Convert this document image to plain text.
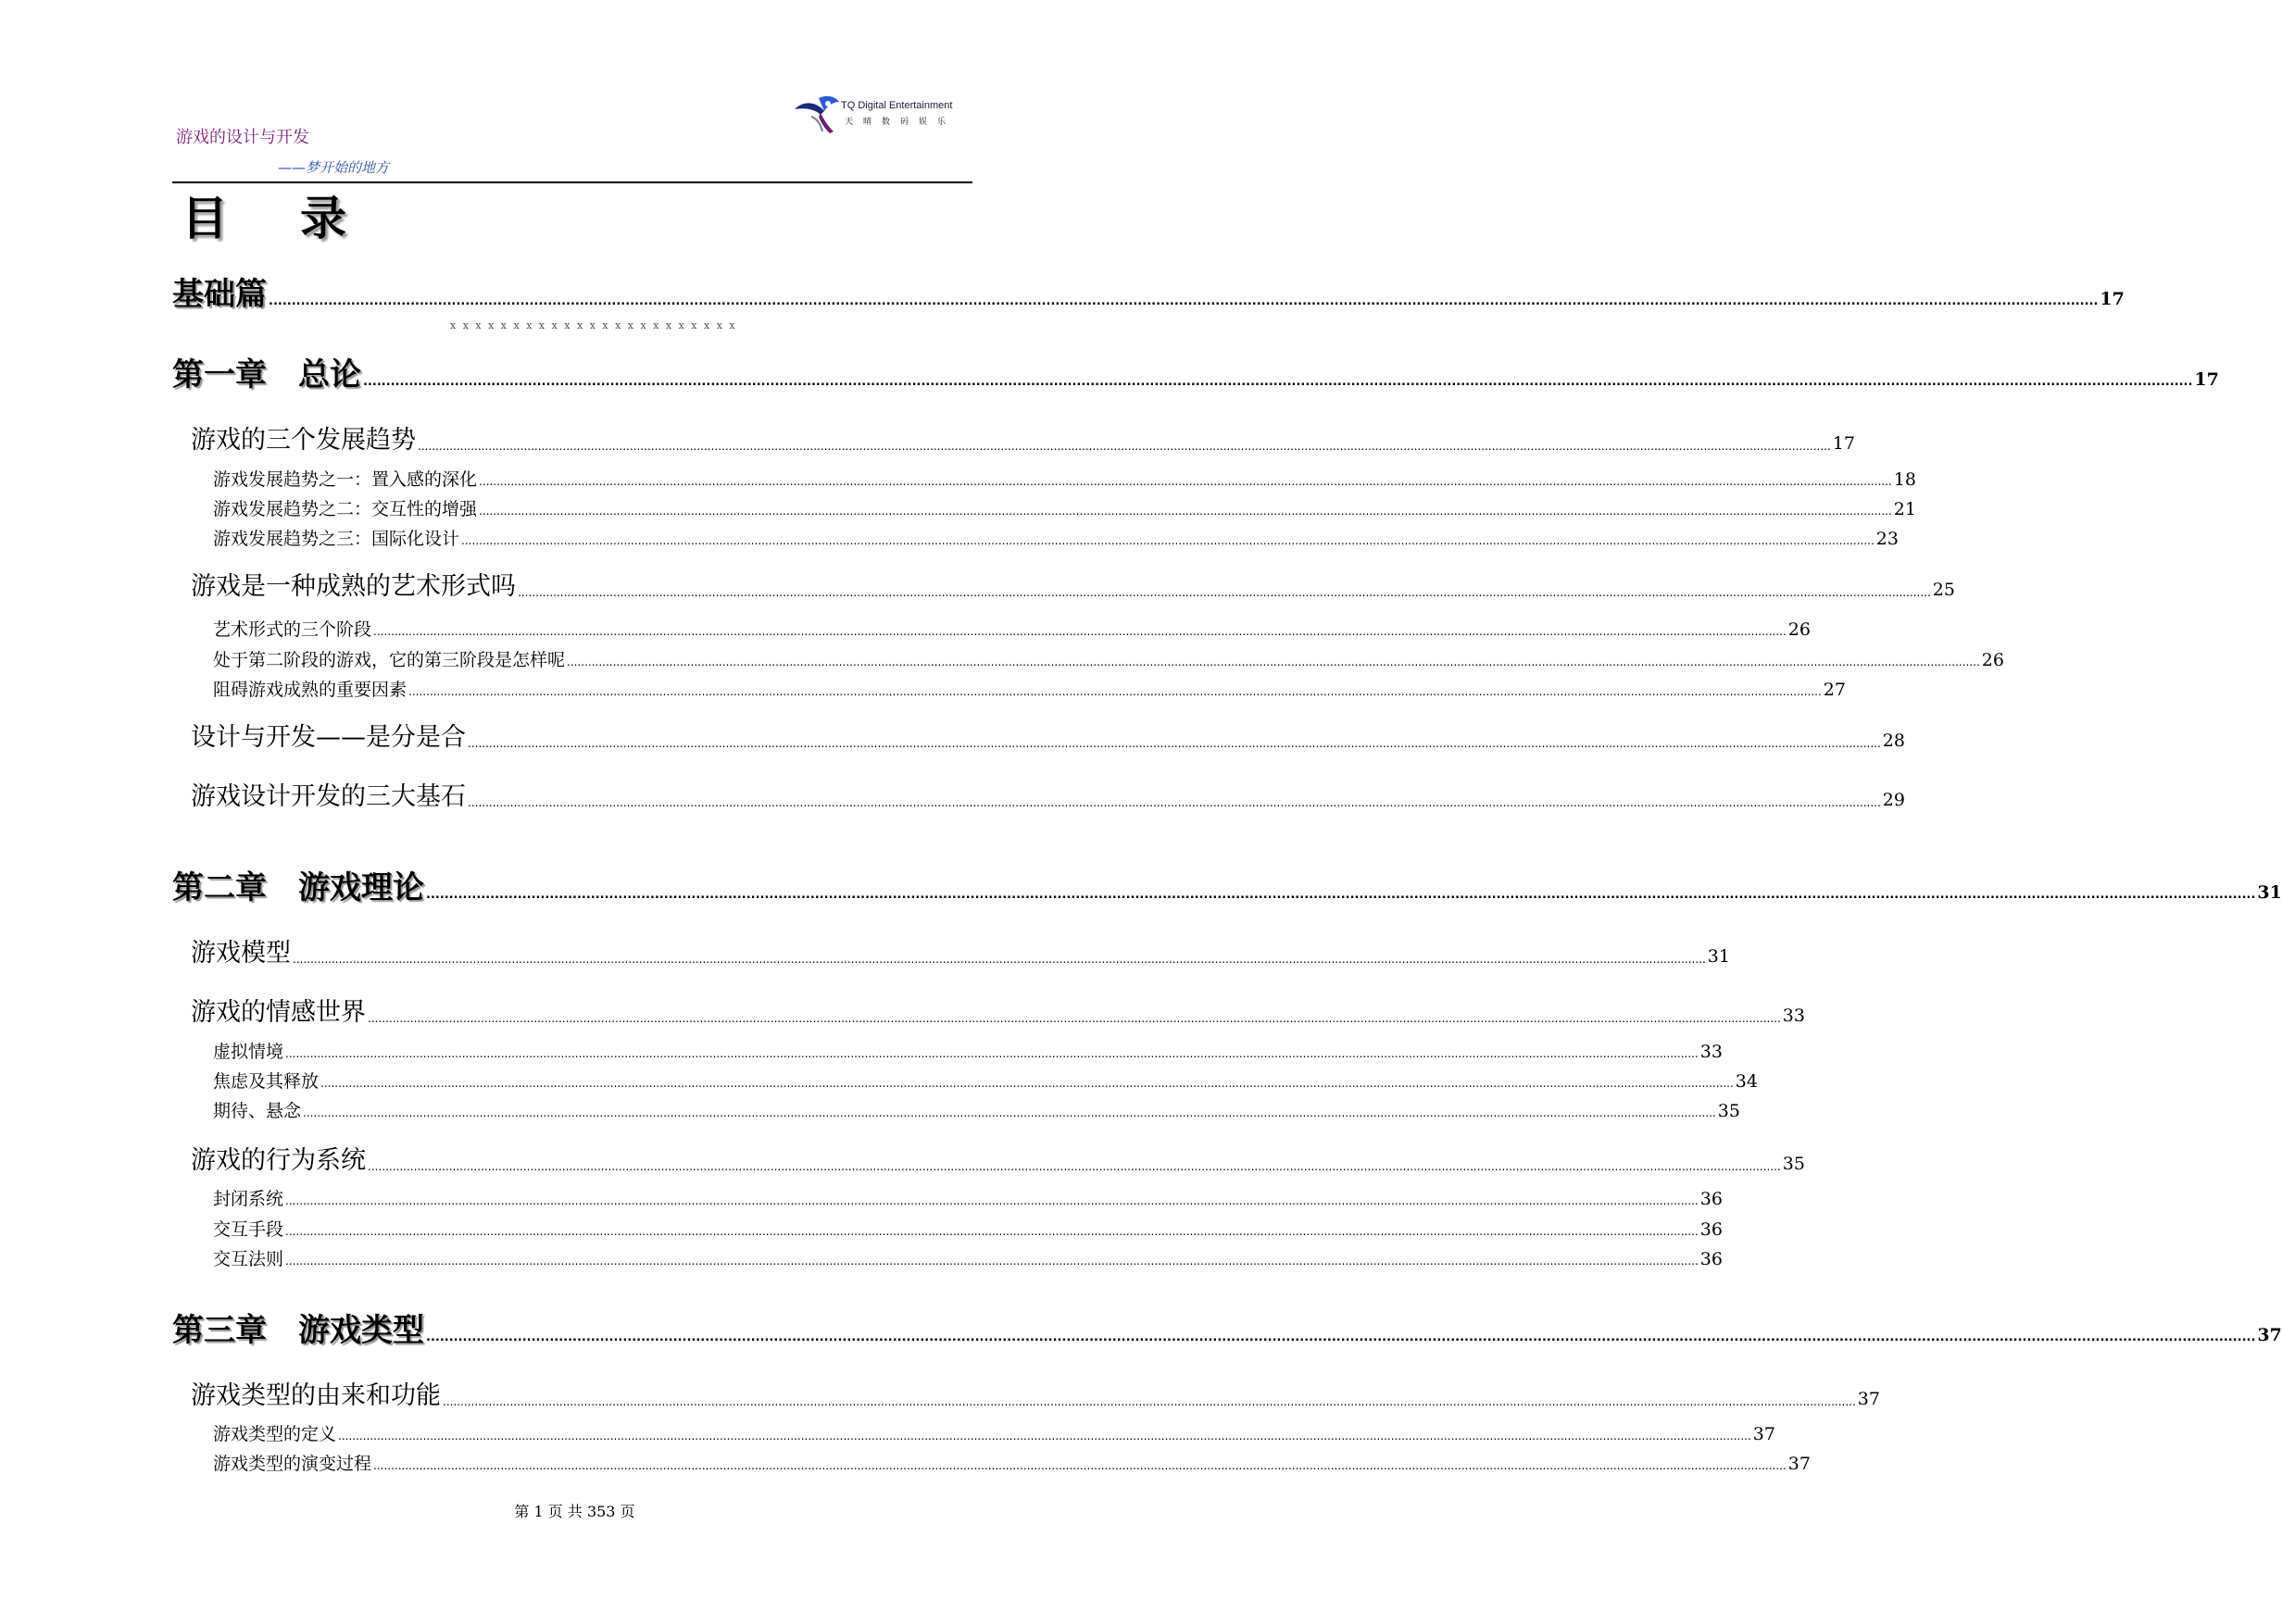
游戏的设计与开发
——梦开始的地方
TQ Digital Entertainment
天晴数码娱乐
目录
x x x x x x x x x x x x x x x x x x x x x x x
基础篇 ................................................................................................................................................................................................................................................................................................................................................................................................................ 17
第一章　总论 ................................................................................................................................................................................................................................................................................................................................................................................................................ 17
游戏的三个发展趋势 ................................................................................................................................................................................................................................................................................................................................................................................................................ 17
游戏发展趋势之一：置入感的深化 ................................................................................................................................................................................................................................................................................................................................................................................................................ 18
游戏发展趋势之二：交互性的增强 ................................................................................................................................................................................................................................................................................................................................................................................................................ 21
游戏发展趋势之三：国际化设计 ................................................................................................................................................................................................................................................................................................................................................................................................................ 23
游戏是一种成熟的艺术形式吗 ................................................................................................................................................................................................................................................................................................................................................................................................................ 25
艺术形式的三个阶段 ................................................................................................................................................................................................................................................................................................................................................................................................................ 26
处于第二阶段的游戏，它的第三阶段是怎样呢 ................................................................................................................................................................................................................................................................................................................................................................................................................ 26
阻碍游戏成熟的重要因素 ................................................................................................................................................................................................................................................................................................................................................................................................................ 27
设计与开发——是分是合 ................................................................................................................................................................................................................................................................................................................................................................................................................ 28
游戏设计开发的三大基石 ................................................................................................................................................................................................................................................................................................................................................................................................................ 29
第二章　游戏理论 ................................................................................................................................................................................................................................................................................................................................................................................................................ 31
游戏模型 ................................................................................................................................................................................................................................................................................................................................................................................................................ 31
游戏的情感世界 ................................................................................................................................................................................................................................................................................................................................................................................................................ 33
虚拟情境 ................................................................................................................................................................................................................................................................................................................................................................................................................ 33
焦虑及其释放 ................................................................................................................................................................................................................................................................................................................................................................................................................ 34
期待、悬念 ................................................................................................................................................................................................................................................................................................................................................................................................................ 35
游戏的行为系统 ................................................................................................................................................................................................................................................................................................................................................................................................................ 35
封闭系统 ................................................................................................................................................................................................................................................................................................................................................................................................................ 36
交互手段 ................................................................................................................................................................................................................................................................................................................................................................................................................ 36
交互法则 ................................................................................................................................................................................................................................................................................................................................................................................................................ 36
第三章　游戏类型 ................................................................................................................................................................................................................................................................................................................................................................................................................ 37
游戏类型的由来和功能 ................................................................................................................................................................................................................................................................................................................................................................................................................ 37
游戏类型的定义 ................................................................................................................................................................................................................................................................................................................................................................................................................ 37
游戏类型的演变过程 ................................................................................................................................................................................................................................................................................................................................................................................................................ 37
第 1 页 共 353 页
